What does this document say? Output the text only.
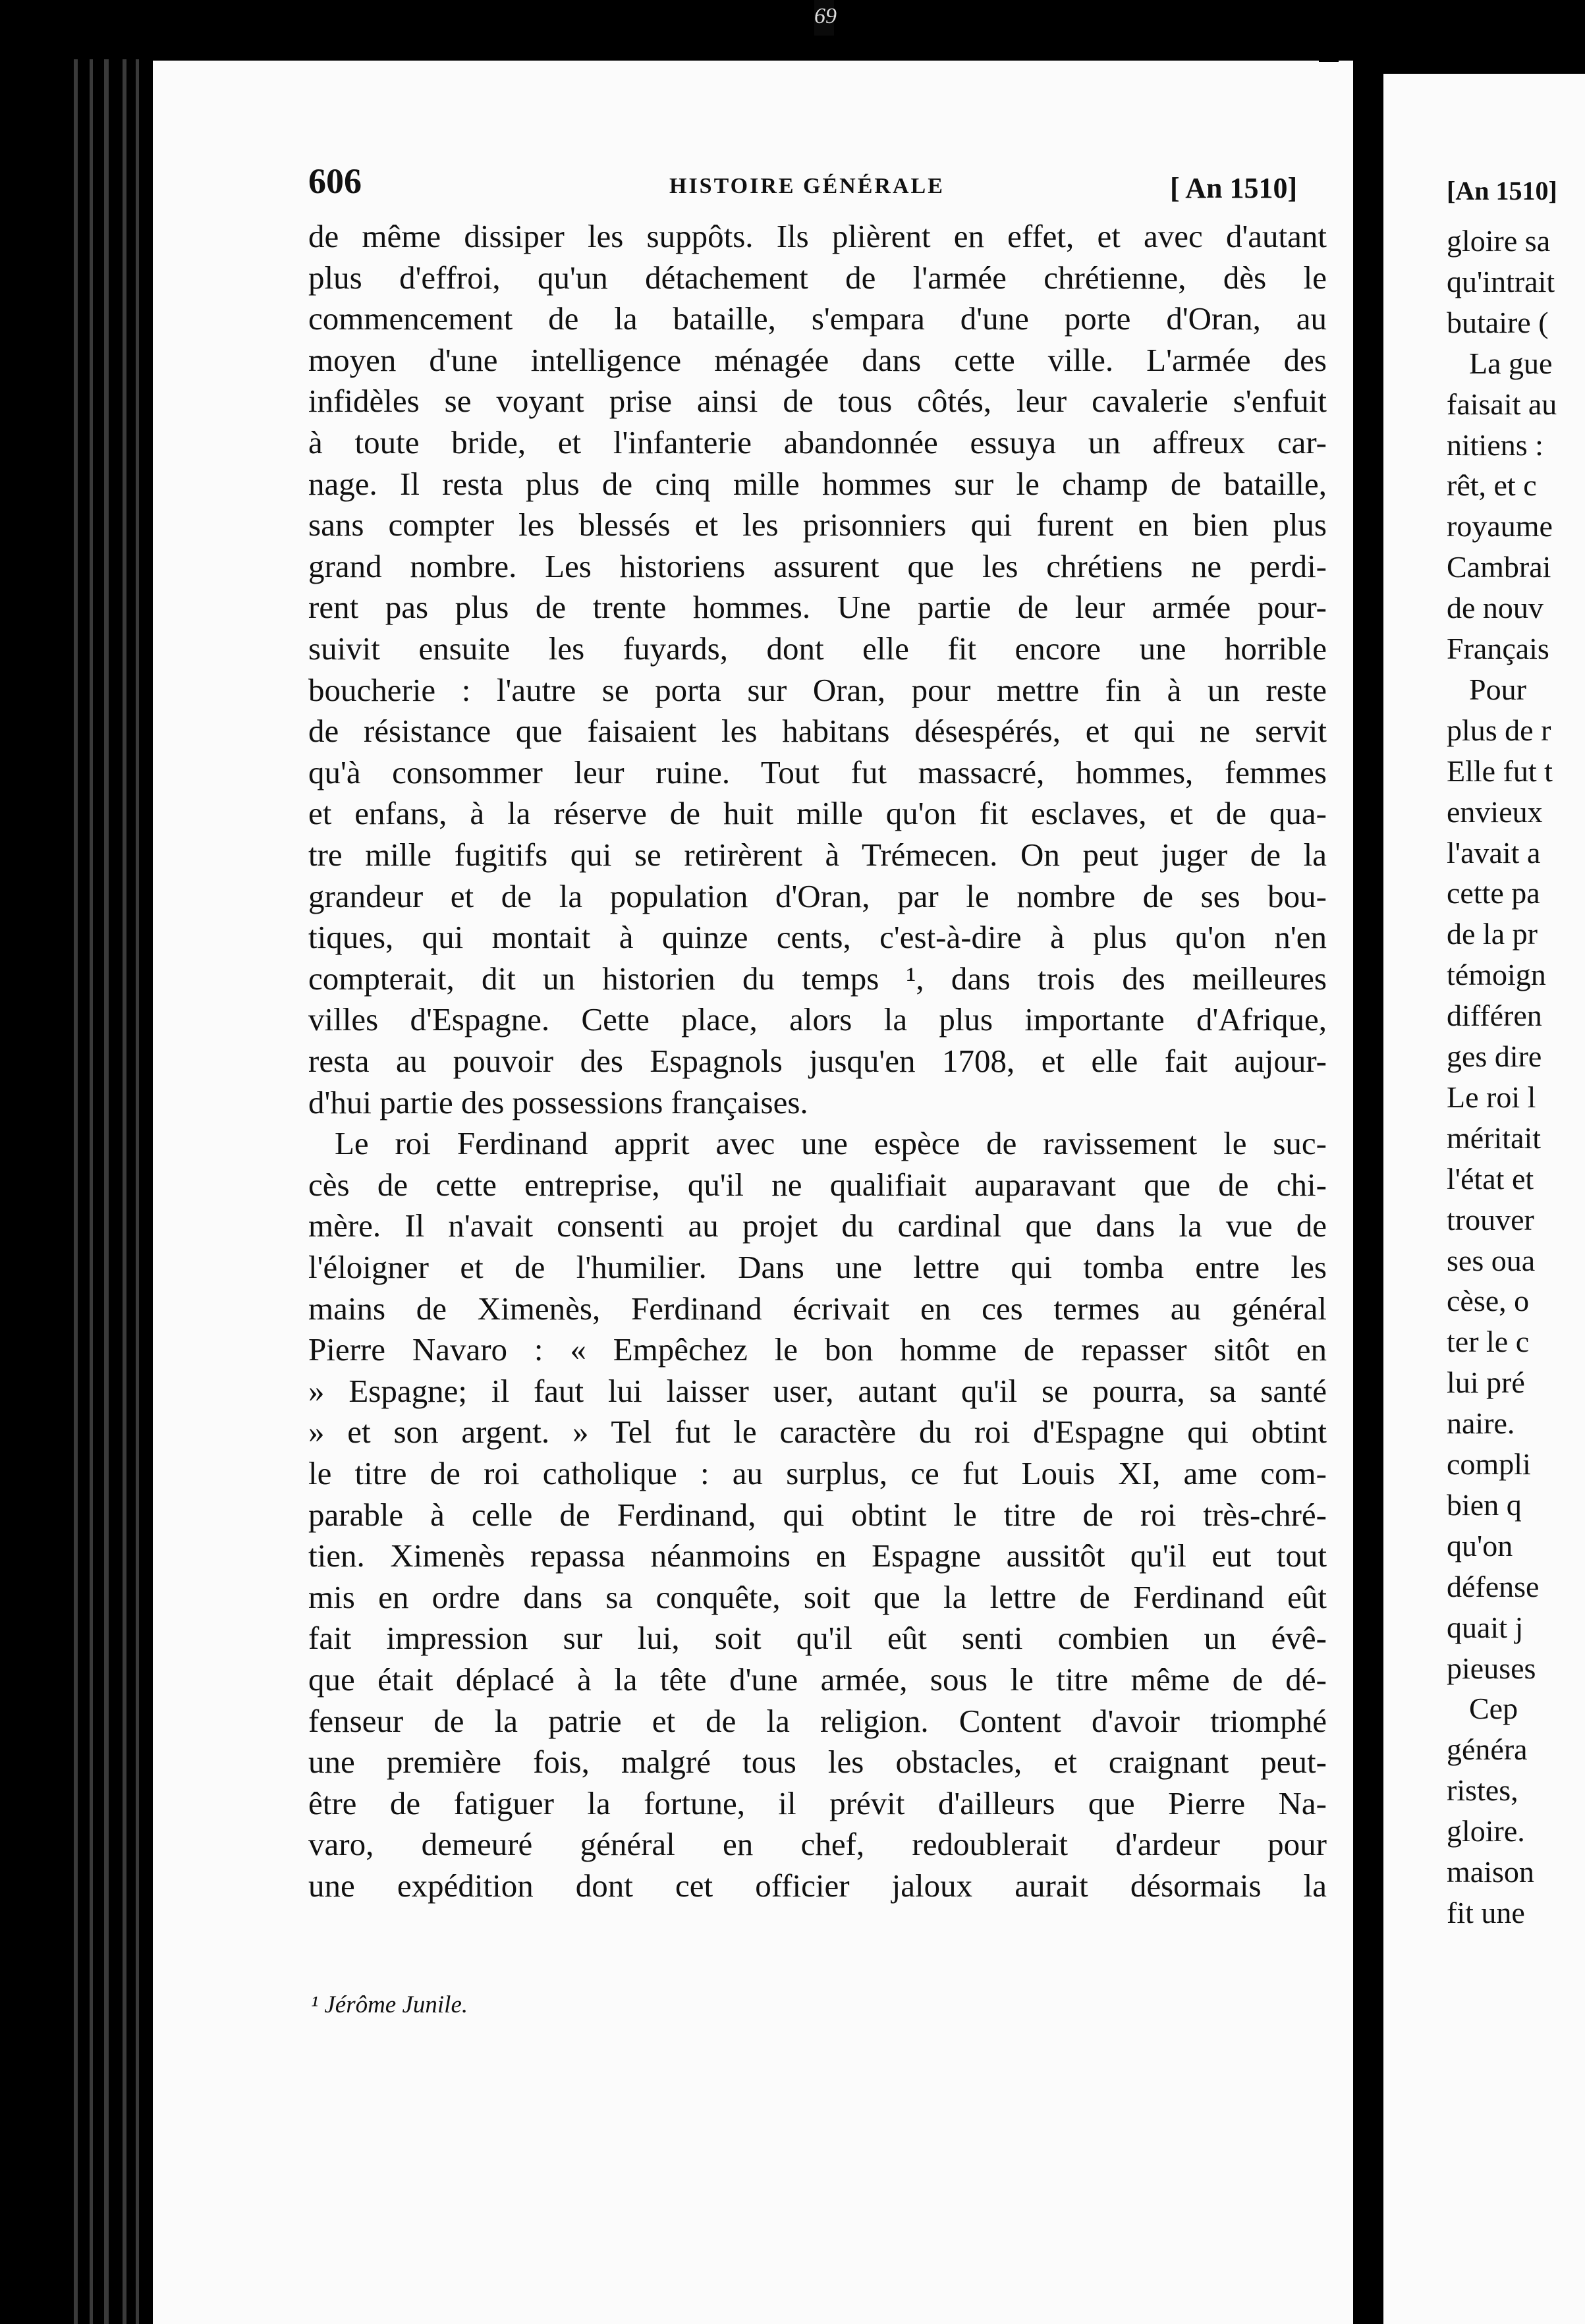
69
606	HISTOIRE GÉNÉRALE	[ An 1510]
de même dissiper les suppôts. Ils plièrent en effet, et avec d'autant
plus d'effroi, qu'un détachement de l'armée chrétienne, dès le
commencement de la bataille, s'empara d'une porte d'Oran, au
moyen d'une intelligence ménagée dans cette ville. L'armée des
infidèles se voyant prise ainsi de tous côtés, leur cavalerie s'enfuit
à toute bride, et l'infanterie abandonnée essuya un affreux car-
nage. Il resta plus de cinq mille hommes sur le champ de bataille,
sans compter les blessés et les prisonniers qui furent en bien plus
grand nombre. Les historiens assurent que les chrétiens ne perdi-
rent pas plus de trente hommes. Une partie de leur armée pour-
suivit ensuite les fuyards, dont elle fit encore une horrible
boucherie : l'autre se porta sur Oran, pour mettre fin à un reste
de résistance que faisaient les habitans désespérés, et qui ne servit
qu'à consommer leur ruine. Tout fut massacré, hommes, femmes
et enfans, à la réserve de huit mille qu'on fit esclaves, et de qua-
tre mille fugitifs qui se retirèrent à Trémecen. On peut juger de la
grandeur et de la population d'Oran, par le nombre de ses bou-
tiques, qui montait à quinze cents, c'est-à-dire à plus qu'on n'en
compterait, dit un historien du temps ¹, dans trois des meilleures
villes d'Espagne. Cette place, alors la plus importante d'Afrique,
resta au pouvoir des Espagnols jusqu'en 1708, et elle fait aujour-
d'hui partie des possessions françaises.
Le roi Ferdinand apprit avec une espèce de ravissement le suc-
cès de cette entreprise, qu'il ne qualifiait auparavant que de chi-
mère. Il n'avait consenti au projet du cardinal que dans la vue de
l'éloigner et de l'humilier. Dans une lettre qui tomba entre les
mains de Ximenès, Ferdinand écrivait en ces termes au général
Pierre Navaro : « Empêchez le bon homme de repasser sitôt en
» Espagne; il faut lui laisser user, autant qu'il se pourra, sa santé
» et son argent. » Tel fut le caractère du roi d'Espagne qui obtint
le titre de roi catholique : au surplus, ce fut Louis XI, ame com-
parable à celle de Ferdinand, qui obtint le titre de roi très-chré-
tien. Ximenès repassa néanmoins en Espagne aussitôt qu'il eut tout
mis en ordre dans sa conquête, soit que la lettre de Ferdinand eût
fait impression sur lui, soit qu'il eût senti combien un évê-
que était déplacé à la tête d'une armée, sous le titre même de dé-
fenseur de la patrie et de la religion. Content d'avoir triomphé
une première fois, malgré tous les obstacles, et craignant peut-
être de fatiguer la fortune, il prévit d'ailleurs que Pierre Na-
varo, demeuré général en chef, redoublerait d'ardeur pour
une expédition dont cet officier jaloux aurait désormais la
¹ Jérôme Junile.
[An 1510]
gloire sa
qu'intrait
butaire (
La gue
faisait au
nitiens :
rêt, et c
royaume
Cambrai
de nouv
Français
Pour
plus de r
Elle fut t
envieux
l'avait a
cette pa
de la pr
témoign
différen
ges dire
Le roi l
méritait
l'état et
trouver
ses oua
cèse, o
ter le c
lui pré
naire.
compli
bien q
qu'on
défense
quait j
pieuses
Cep
généra
ristes,
gloire.
maison
fit une
